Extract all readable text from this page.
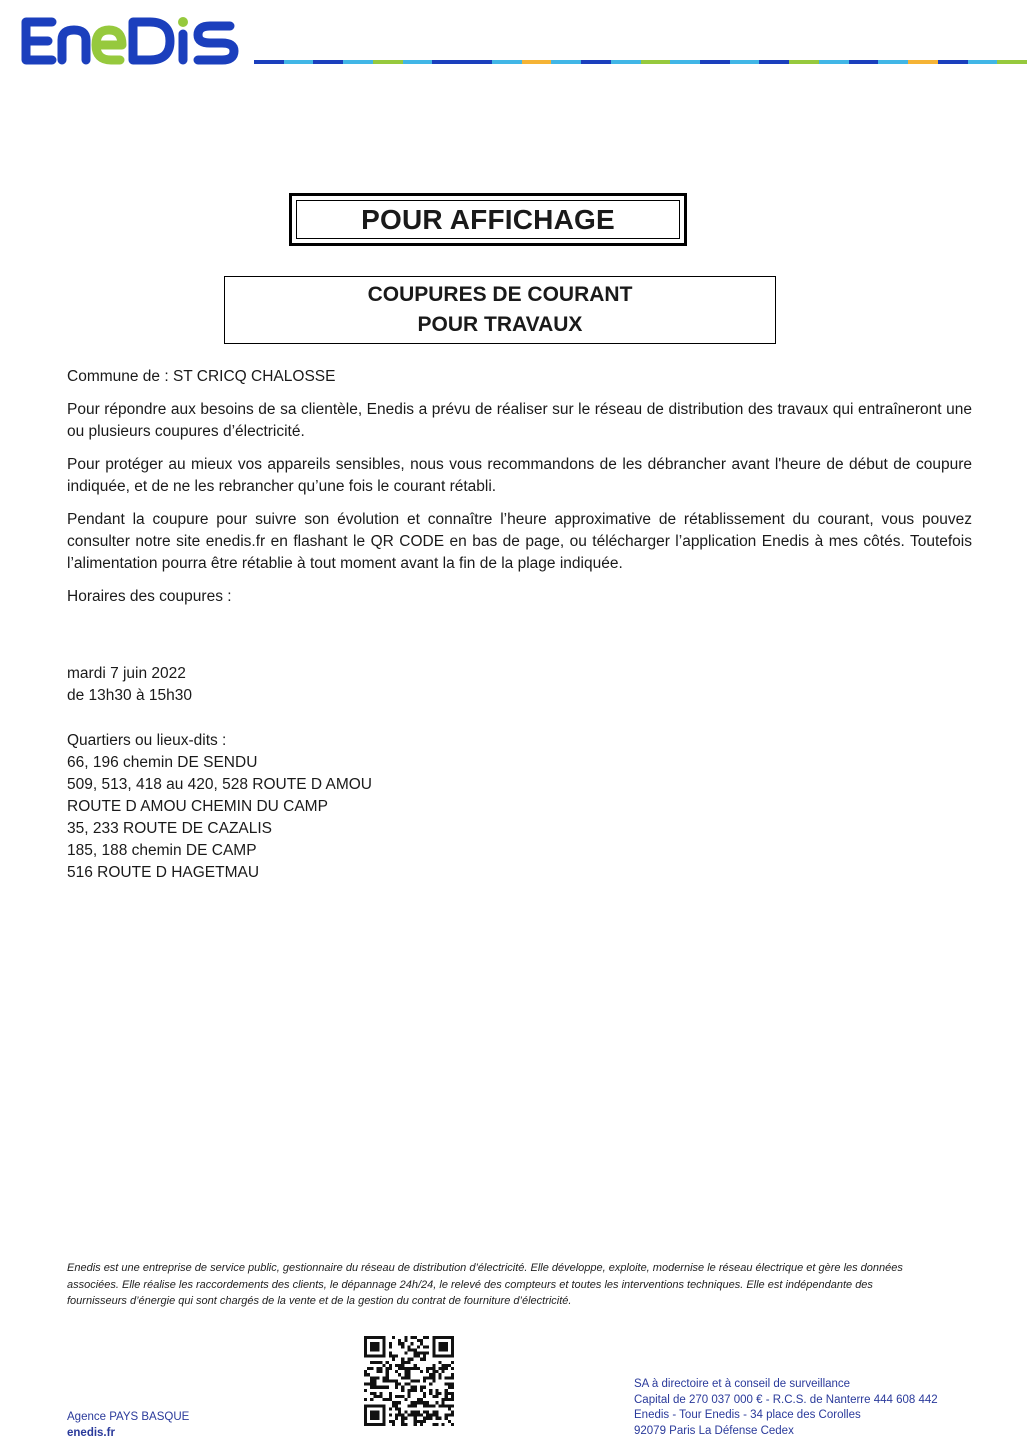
POUR AFFICHAGE
COUPURES DE COURANT
POUR TRAVAUX

Commune de : ST CRICQ CHALOSSE

Pour répondre aux besoins de sa clientèle, Enedis a prévu de réaliser sur le réseau de distribution des travaux qui entraîneront une ou plusieurs coupures d’électricité.

Pour protéger au mieux vos appareils sensibles, nous vous recommandons de les débrancher avant l'heure de début de coupure indiquée, et de ne les rebrancher qu’une fois le courant rétabli.

Pendant la coupure pour suivre son évolution et connaître l’heure approximative de rétablissement du courant, vous pouvez consulter notre site enedis.fr en flashant le QR CODE en bas de page, ou télécharger l’application Enedis à mes côtés. Toutefois l’alimentation pourra être rétablie à tout moment avant la fin de la plage indiquée.

Horaires des coupures :

mardi 7 juin 2022
de 13h30 à 15h30
Quartiers ou lieux-dits :
66, 196 chemin DE SENDU
509, 513, 418 au 420, 528 ROUTE D AMOU
ROUTE D AMOU CHEMIN DU CAMP
35, 233 ROUTE DE CAZALIS
185, 188 chemin DE CAMP
516 ROUTE D HAGETMAU
Enedis est une entreprise de service public, gestionnaire du réseau de distribution d’électricité. Elle développe, exploite, modernise le réseau électrique et gère les données
associées. Elle réalise les raccordements des clients, le dépannage 24h/24, le relevé des compteurs et toutes les interventions techniques. Elle est indépendante des
fournisseurs d’énergie qui sont chargés de la vente et de la gestion du contrat de fourniture d’électricité.
Agence PAYS BASQUE
enedis.fr
SA à directoire et à conseil de surveillance
Capital de 270 037 000 € - R.C.S. de Nanterre 444 608 442
Enedis - Tour Enedis - 34 place des Corolles
92079 Paris La Défense Cedex
